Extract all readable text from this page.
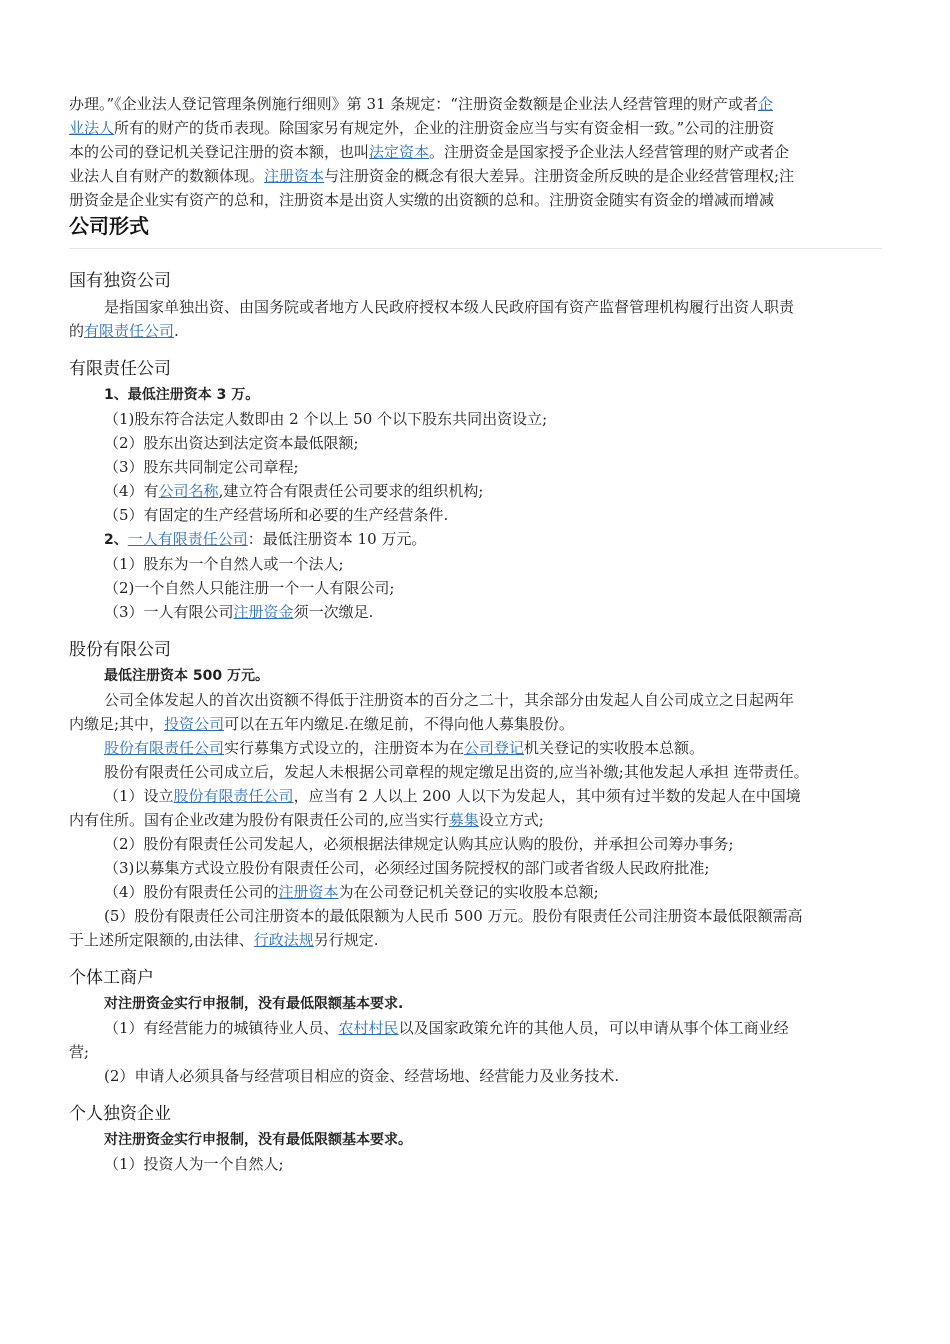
办理。”《企业法人登记管理条例施行细则》第 31 条规定：“注册资金数额是企业法人经营管理的财产或者企
业法人所有的财产的货币表现。除国家另有规定外，企业的注册资金应当与实有资金相一致。”公司的注册资
本的公司的登记机关登记注册的资本额，也叫法定资本。注册资金是国家授予企业法人经营管理的财产或者企
业法人自有财产的数额体现。注册资本与注册资金的概念有很大差异。注册资金所反映的是企业经营管理权;注
册资金是企业实有资产的总和，注册资本是出资人实缴的出资额的总和。注册资金随实有资金的增减而增减
公司形式
国有独资公司

是指国家单独出资、由国务院或者地方人民政府授权本级人民政府国有资产监督管理机构履行出资人职责

的有限责任公司.

有限责任公司

1、最低注册资本 3 万。

（1)股东符合法定人数即由 2 个以上 50 个以下股东共同出资设立;

（2）股东出资达到法定资本最低限额;

（3）股东共同制定公司章程;

（4）有公司名称,建立符合有限责任公司要求的组织机构;

（5）有固定的生产经营场所和必要的生产经营条件.

2、一人有限责任公司：最低注册资本 10 万元。

（1）股东为一个自然人或一个法人;

（2)一个自然人只能注册一个一人有限公司;

（3）一人有限公司注册资金须一次缴足.

股份有限公司

最低注册资本 500 万元。

公司全体发起人的首次出资额不得低于注册资本的百分之二十，其余部分由发起人自公司成立之日起两年

内缴足;其中，投资公司可以在五年内缴足.在缴足前，不得向他人募集股份。

股份有限责任公司实行募集方式设立的，注册资本为在公司登记机关登记的实收股本总额。

股份有限责任公司成立后，发起人未根据公司章程的规定缴足出资的,应当补缴;其他发起人承担 连带责任。

（1）设立股份有限责任公司，应当有 2 人以上 200 人以下为发起人，其中须有过半数的发起人在中国境

内有住所。国有企业改建为股份有限责任公司的,应当实行募集设立方式;

（2）股份有限责任公司发起人，必须根据法律规定认购其应认购的股份，并承担公司筹办事务;

（3)以募集方式设立股份有限责任公司，必须经过国务院授权的部门或者省级人民政府批准;

（4）股份有限责任公司的注册资本为在公司登记机关登记的实收股本总额;

(5）股份有限责任公司注册资本的最低限额为人民币 500 万元。股份有限责任公司注册资本最低限额需高

于上述所定限额的,由法律、行政法规另行规定.

个体工商户

对注册资金实行申报制，没有最低限额基本要求.

（1）有经营能力的城镇待业人员、农村村民以及国家政策允许的其他人员，可以申请从事个体工商业经

营;

(2）申请人必须具备与经营项目相应的资金、经营场地、经营能力及业务技术.

个人独资企业

对注册资金实行申报制，没有最低限额基本要求。

（1）投资人为一个自然人;
